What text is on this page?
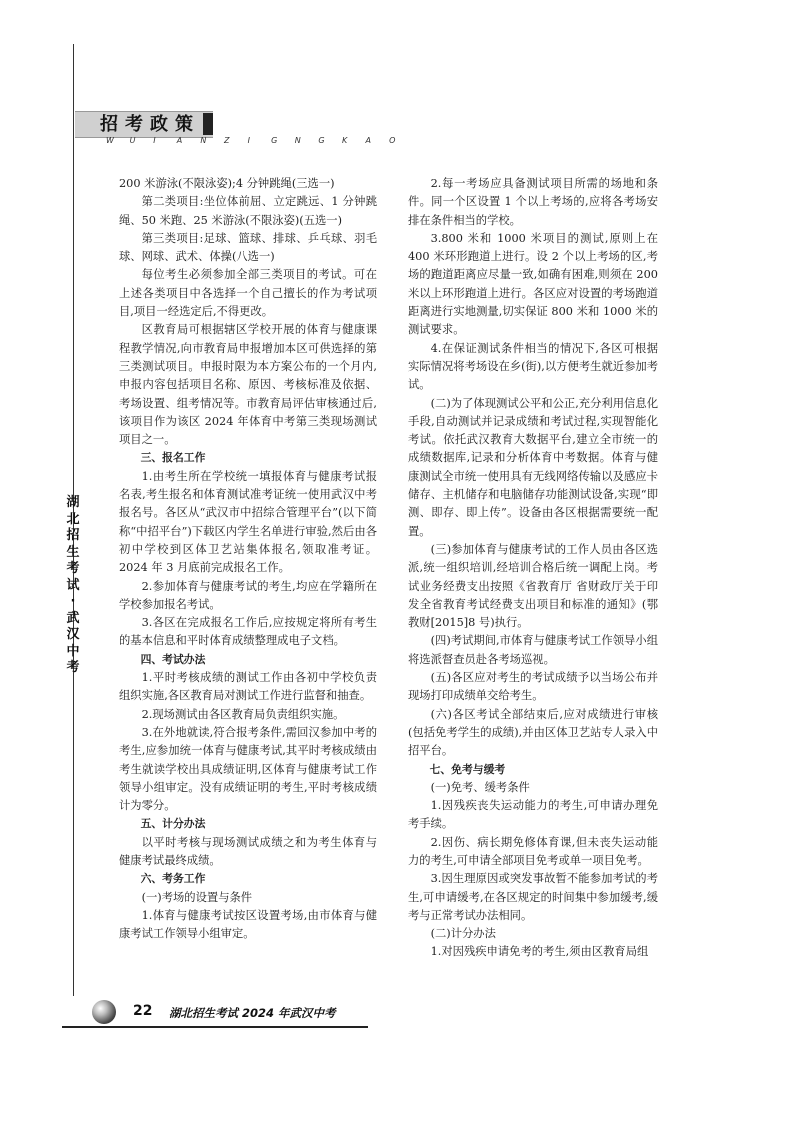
招考政策
W U I	A N Z I	G N G K A O
湖
北
招
生
考
试
·
武
汉
中
考

200 米游泳(不限泳姿);4 分钟跳绳(三选一)

第二类项目:坐位体前屈、立定跳远、1 分钟跳绳、50 米跑、25 米游泳(不限泳姿)(五选一)

第三类项目:足球、篮球、排球、乒乓球、羽毛球、网球、武术、体操(八选一)

每位考生必须参加全部三类项目的考试。可在上述各类项目中各选择一个自己擅长的作为考试项目,项目一经选定后,不得更改。

区教育局可根据辖区学校开展的体育与健康课程教学情况,向市教育局申报增加本区可供选择的第三类测试项目。申报时限为本方案公布的一个月内,申报内容包括项目名称、原因、考核标准及依据、考场设置、组考情况等。市教育局评估审核通过后,该项目作为该区 2024 年体育中考第三类现场测试项目之一。

三、报名工作

1.由考生所在学校统一填报体育与健康考试报名表,考生报名和体育测试准考证统一使用武汉中考报名号。各区从“武汉市中招综合管理平台”(以下简称“中招平台”)下载区内学生名单进行审验,然后由各初中学校到区体卫艺站集体报名,领取准考证。2024 年 3 月底前完成报名工作。

2.参加体育与健康考试的考生,均应在学籍所在学校参加报名考试。

3.各区在完成报名工作后,应按规定将所有考生的基本信息和平时体育成绩整理成电子文档。

四、考试办法

1.平时考核成绩的测试工作由各初中学校负责组织实施,各区教育局对测试工作进行监督和抽查。

2.现场测试由各区教育局负责组织实施。

3.在外地就读,符合报考条件,需回汉参加中考的考生,应参加统一体育与健康考试,其平时考核成绩由考生就读学校出具成绩证明,区体育与健康考试工作领导小组审定。没有成绩证明的考生,平时考核成绩计为零分。

五、计分办法

以平时考核与现场测试成绩之和为考生体育与健康考试最终成绩。

六、考务工作

(一)考场的设置与条件

1.体育与健康考试按区设置考场,由市体育与健康考试工作领导小组审定。

2.每一考场应具备测试项目所需的场地和条件。同一个区设置 1 个以上考场的,应将各考场安排在条件相当的学校。

3.800 米和 1000 米项目的测试,原则上在 400 米环形跑道上进行。设 2 个以上考场的区,考场的跑道距离应尽量一致,如确有困难,则须在 200 米以上环形跑道上进行。各区应对设置的考场跑道距离进行实地测量,切实保证 800 米和 1000 米的测试要求。

4.在保证测试条件相当的情况下,各区可根据实际情况将考场设在乡(街),以方便考生就近参加考试。

(二)为了体现测试公平和公正,充分利用信息化手段,自动测试并记录成绩和考试过程,实现智能化考试。依托武汉教育大数据平台,建立全市统一的成绩数据库,记录和分析体育中考数据。体育与健康测试全市统一使用具有无线网络传输以及感应卡储存、主机储存和电脑储存功能测试设备,实现“即测、即存、即上传”。设备由各区根据需要统一配置。

(三)参加体育与健康考试的工作人员由各区选派,统一组织培训,经培训合格后统一调配上岗。考试业务经费支出按照《省教育厅 省财政厅关于印发全省教育考试经费支出项目和标准的通知》(鄂教财[2015]8 号)执行。

(四)考试期间,市体育与健康考试工作领导小组将选派督查员赴各考场巡视。

(五)各区应对考生的考试成绩予以当场公布并现场打印成绩单交给考生。

(六)各区考试全部结束后,应对成绩进行审核(包括免考学生的成绩),并由区体卫艺站专人录入中招平台。

七、免考与缓考

(一)免考、缓考条件

1.因残疾丧失运动能力的考生,可申请办理免考手续。

2.因伤、病长期免修体育课,但未丧失运动能力的考生,可申请全部项目免考或单一项目免考。

3.因生理原因或突发事故暂不能参加考试的考生,可申请缓考,在各区规定的时间集中参加缓考,缓考与正常考试办法相同。

(二)计分办法

1.对因残疾申请免考的考生,须由区教育局组

22 湖北招生考试 2024 年武汉中考
